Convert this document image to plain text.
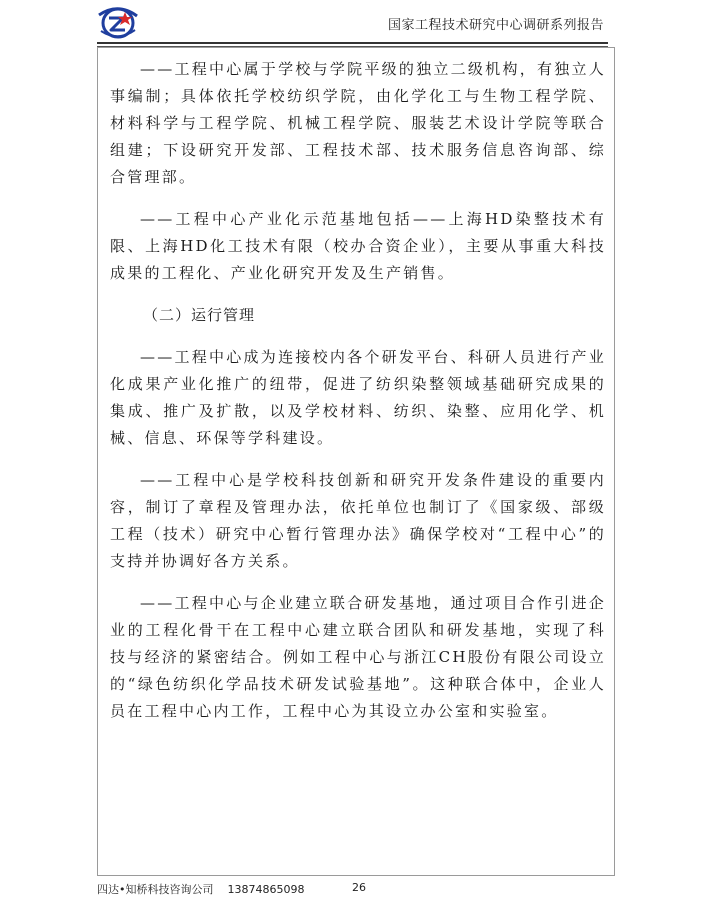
国家工程技术研究中心调研系列报告

——工程中心属于学校与学院平级的独立二级机构，有独立人事编制；具体依托学校纺织学院，由化学化工与生物工程学院、材料科学与工程学院、机械工程学院、服装艺术设计学院等联合组建；下设研究开发部、工程技术部、技术服务信息咨询部、综合管理部。

——工程中心产业化示范基地包括——上海HD染整技术有限、上海HD化工技术有限（校办合资企业），主要从事重大科技成果的工程化、产业化研究开发及生产销售。

（二）运行管理

——工程中心成为连接校内各个研发平台、科研人员进行产业化成果产业化推广的纽带，促进了纺织染整领域基础研究成果的集成、推广及扩散，以及学校材料、纺织、染整、应用化学、机械、信息、环保等学科建设。

——工程中心是学校科技创新和研究开发条件建设的重要内容，制订了章程及管理办法，依托单位也制订了《国家级、部级工程（技术）研究中心暂行管理办法》确保学校对“工程中心”的支持并协调好各方关系。

——工程中心与企业建立联合研发基地，通过项目合作引进企业的工程化骨干在工程中心建立联合团队和研发基地，实现了科技与经济的紧密结合。例如工程中心与浙江CH股份有限公司设立的“绿色纺织化学品技术研发试验基地”。这种联合体中，企业人员在工程中心内工作，工程中心为其设立办公室和实验室。

四达•知桥科技咨询公司 13874865098	26
